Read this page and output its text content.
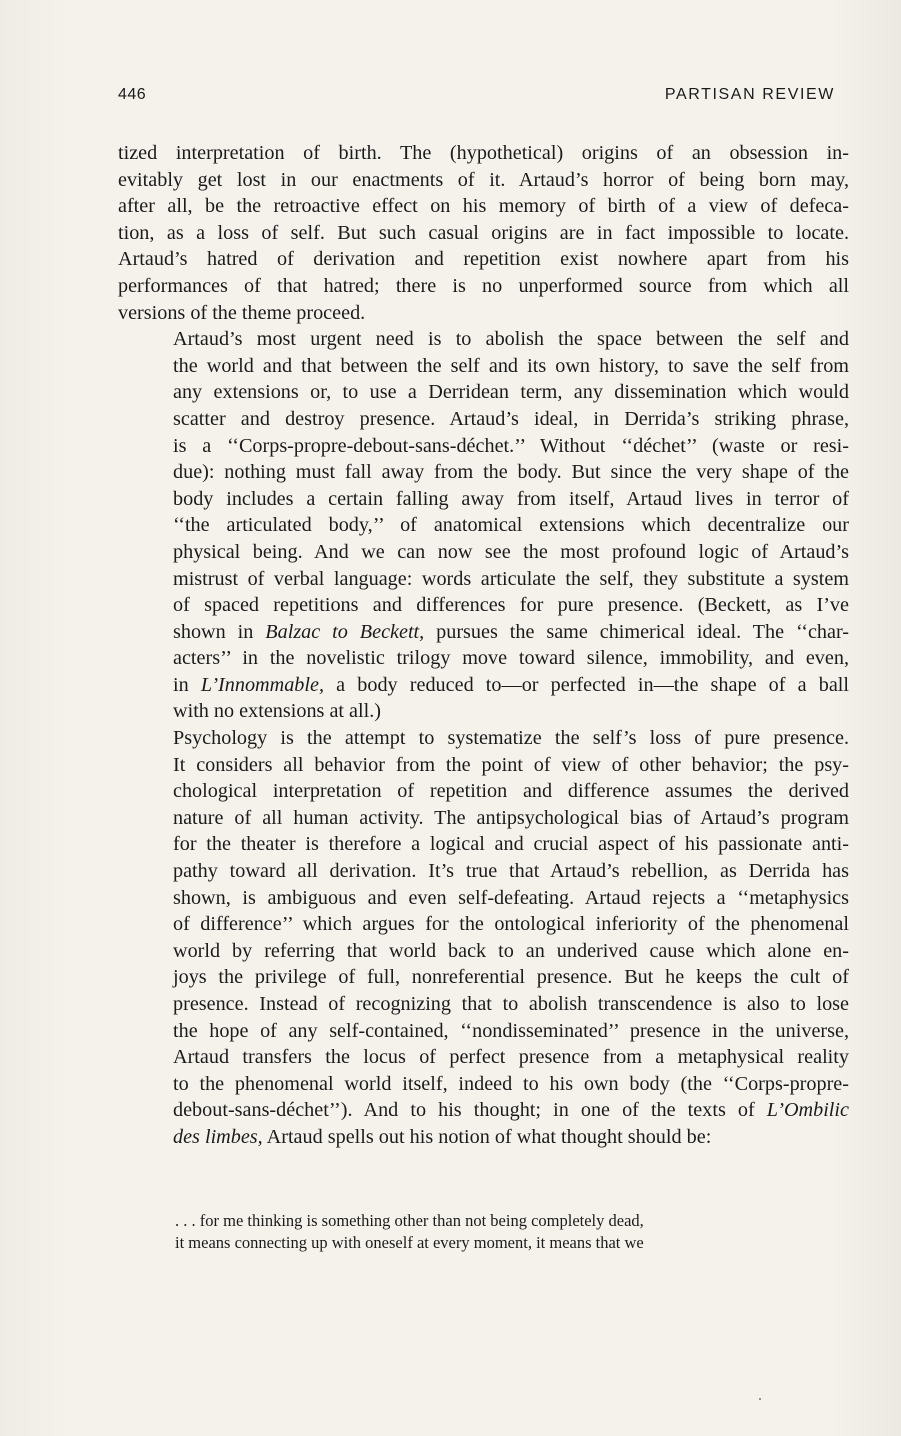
446	PARTISAN REVIEW

tized interpretation of birth. The (hypothetical) origins of an obsession in-
evitably get lost in our enactments of it. Artaud’s horror of being born may,
after all, be the retroactive effect on his memory of birth of a view of defeca-
tion, as a loss of self. But such casual origins are in fact impossible to locate.
Artaud’s hatred of derivation and repetition exist nowhere apart from his
performances of that hatred; there is no unperformed source from which all
versions of the theme proceed.

Artaud’s most urgent need is to abolish the space between the self and
the world and that between the self and its own history, to save the self from
any extensions or, to use a Derridean term, any dissemination which would
scatter and destroy presence. Artaud’s ideal, in Derrida’s striking phrase,
is a ‘‘Corps-propre-debout-sans-déchet.’’ Without ‘‘déchet’’ (waste or resi-
due): nothing must fall away from the body. But since the very shape of the
body includes a certain falling away from itself, Artaud lives in terror of
‘‘the articulated body,’’ of anatomical extensions which decentralize our
physical being. And we can now see the most profound logic of Artaud’s
mistrust of verbal language: words articulate the self, they substitute a system
of spaced repetitions and differences for pure presence. (Beckett, as I’ve
shown in Balzac to Beckett, pursues the same chimerical ideal. The ‘‘char-
acters’’ in the novelistic trilogy move toward silence, immobility, and even,
in L’Innommable, a body reduced to—or perfected in—the shape of a ball
with no extensions at all.)

Psychology is the attempt to systematize the self’s loss of pure presence.
It considers all behavior from the point of view of other behavior; the psy-
chological interpretation of repetition and difference assumes the derived
nature of all human activity. The antipsychological bias of Artaud’s program
for the theater is therefore a logical and crucial aspect of his passionate anti-
pathy toward all derivation. It’s true that Artaud’s rebellion, as Derrida has
shown, is ambiguous and even self-defeating. Artaud rejects a ‘‘metaphysics
of difference’’ which argues for the ontological inferiority of the phenomenal
world by referring that world back to an underived cause which alone en-
joys the privilege of full, nonreferential presence. But he keeps the cult of
presence. Instead of recognizing that to abolish transcendence is also to lose
the hope of any self-contained, ‘‘nondisseminated’’ presence in the universe,
Artaud transfers the locus of perfect presence from a metaphysical reality
to the phenomenal world itself, indeed to his own body (the ‘‘Corps-propre-
debout-sans-déchet’’). And to his thought; in one of the texts of L’Ombilic
des limbes, Artaud spells out his notion of what thought should be:

. . . for me thinking is something other than not being completely dead,
it means connecting up with oneself at every moment, it means that we
